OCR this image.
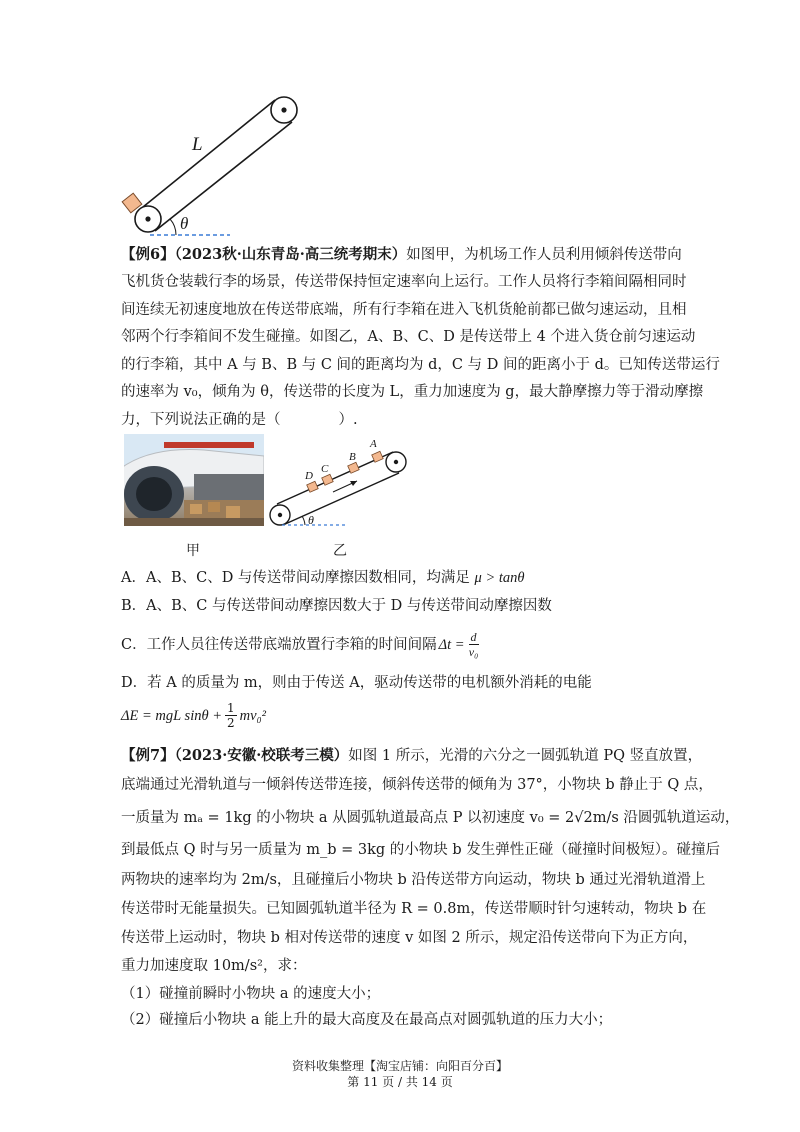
L
θ
【例6】（2023秋·山东青岛·高三统考期末）如图甲，为机场工作人员利用倾斜传送带向
飞机货仓装载行李的场景，传送带保持恒定速率向上运行。工作人员将行李箱间隔相同时
间连续无初速度地放在传送带底端，所有行李箱在进入飞机货舱前都已做匀速运动，且相
邻两个行李箱间不发生碰撞。如图乙，A、B、C、D 是传送带上 4 个进入货仓前匀速运动
的行李箱，其中 A 与 B、B 与 C 间的距离均为 d，C 与 D 间的距离小于 d。已知传送带运行
的速率为 v₀，倾角为 θ，传送带的长度为 L，重力加速度为 g，最大静摩擦力等于滑动摩擦
力，下列说法正确的是（　　　　）.
甲
D
C
B
A
θ
乙
A．A、B、C、D 与传送带间动摩擦因数相同，均满足 μ > tanθ
B．A、B、C 与传送带间动摩擦因数大于 D 与传送带间动摩擦因数
C．工作人员往传送带底端放置行李箱的时间间隔 $\Delta t = \frac{d}{\text{v₀}}$
D．若 A 的质量为 m，则由于传送 A，驱动传送带的电机额外消耗的电能
ΔE = mgL $\sin\theta + \frac{1}{2} mv_0^2$
【例7】（2023·安徽·校联考三模）如图 1 所示，光滑的六分之一圆弧轨道 PQ 竖直放置，
底端通过光滑轨道与一倾斜传送带连接，倾斜传送带的倾角为 37°，小物块 b 静止于 Q 点，
一质量为 mₐ = 1kg 的小物块 a 从圆弧轨道最高点 P 以初速度 v₀ = 2√2m/s 沿圆弧轨道运动，
到最低点 Q 时与另一质量为 m_b = 3kg 的小物块 b 发生弹性正碰（碰撞时间极短）。碰撞后
两物块的速率均为 2m/s，且碰撞后小物块 b 沿传送带方向运动，物块 b 通过光滑轨道滑上
传送带时无能量损失。已知圆弧轨道半径为 R = 0.8m，传送带顺时针匀速转动，物块 b 在
传送带上运动时，物块 b 相对传送带的速度 v 如图 2 所示，规定沿传送带向下为正方向，
重力加速度取 10m/s²，求：
（1）碰撞前瞬时小物块 a 的速度大小；
（2）碰撞后小物块 a 能上升的最大高度及在最高点对圆弧轨道的压力大小；
资料收集整理【淘宝店铺：向阳百分百】
第 11 页 / 共 14 页
